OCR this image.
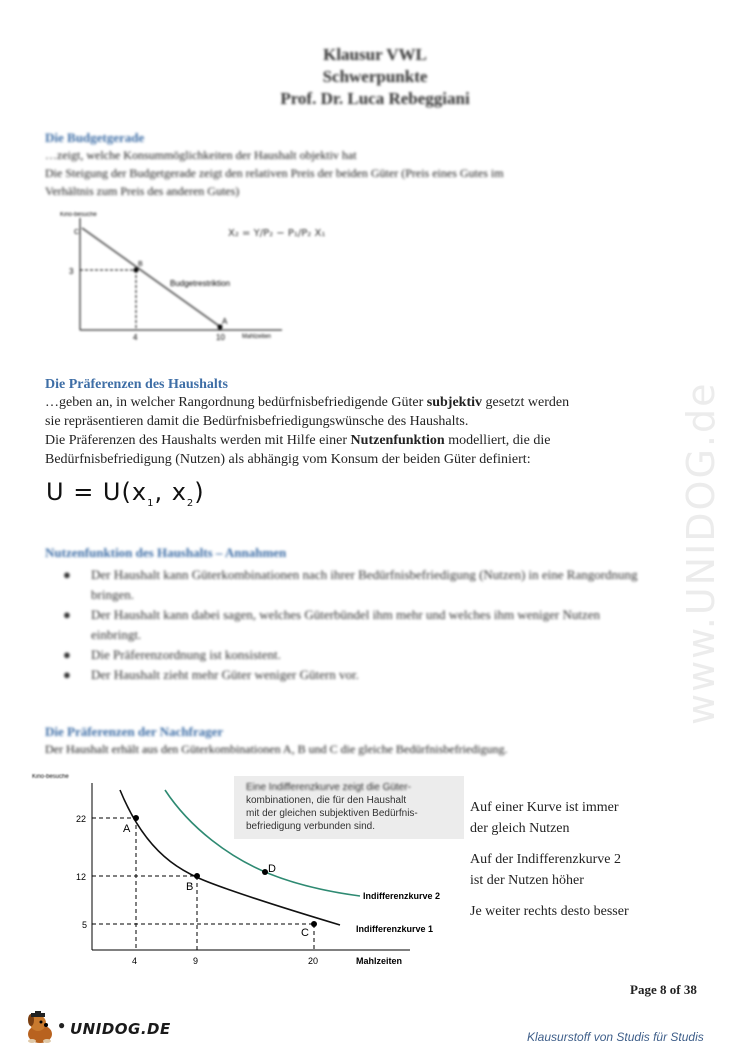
Klausur VWL
Schwerpunkte
Prof. Dr. Luca Rebeggiani
Die Budgetgerade
…zeigt, welche Konsummöglichkeiten der Haushalt objektiv hat
Die Steigung der Budgetgerade zeigt den relativen Preis der beiden Güter (Preis eines Gutes im
Verhältnis zum Preis des anderen Gutes)
X₂ = Y/P₂ − P₁/P₂ X₁
Kino-besuche
Budgetrestriktion
3
4	10	Mahlzeiten
A
B
C
Die Präferenzen des Haushalts
…geben an, in welcher Rangordnung bedürfnisbefriedigende Güter subjektiv gesetzt werden
sie repräsentieren damit die Bedürfnisbefriedigungswünsche des Haushalts.
Die Präferenzen des Haushalts werden mit Hilfe einer Nutzenfunktion modelliert, die die
Bedürfnisbefriedigung (Nutzen) als abhängig vom Konsum der beiden Güter definiert:
$U = U(x_1$, $x_2$)
Nutzenfunktion des Haushalts – Annahmen
● Der Haushalt kann Güterkombinationen nach ihrer Bedürfnisbefriedigung (Nutzen) in eine Rangordnung bringen.
● Der Haushalt kann dabei sagen, welches Güterbündel ihm mehr und welches ihm weniger Nutzen einbringt.
● Die Präferenzordnung ist konsistent.
● Der Haushalt zieht mehr Güter weniger Gütern vor.
Die Präferenzen der Nachfrager
Der Haushalt erhält aus den Güterkombinationen A, B und C die gleiche Bedürfnisbefriedigung.
Kino-besuche
A
B
C
D
22
12
5
4	9	20	Mahlzeiten
Indifferenzkurve 1
Indifferenzkurve 2
Eine Indifferenzkurve zeigt die Güter-
kombinationen, die für den Haushalt
mit der gleichen subjektiven Bedürfnis-
befriedigung verbunden sind.
Auf einer Kurve ist immer
der gleich Nutzen
Auf der Indifferenzkurve 2
ist der Nutzen höher
Je weiter rechts desto besser
www.UNIDOG.de
Page 8 of 38
● UNIDOG.DE	Klausurstoff von Studis für Studis
